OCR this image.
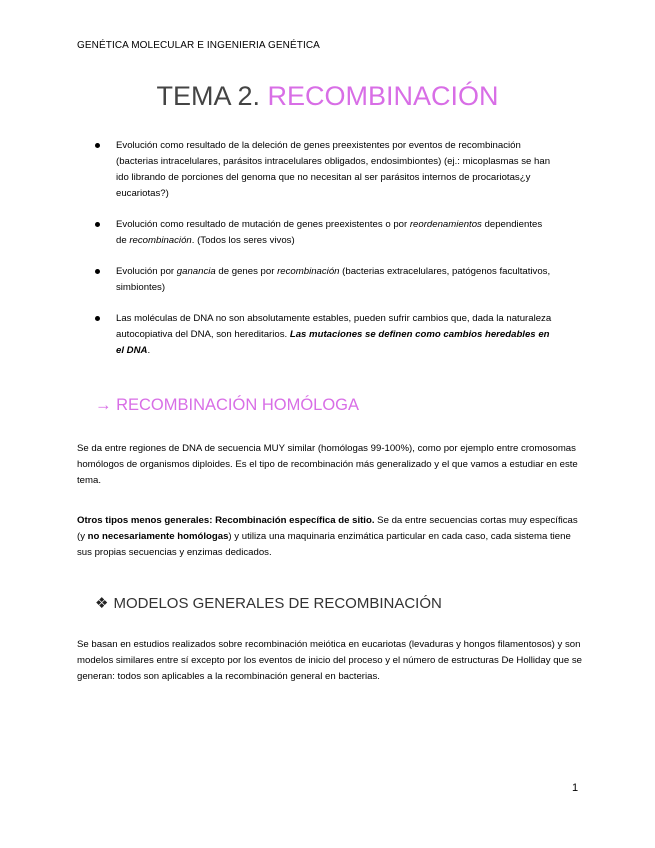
GENÉTICA MOLECULAR E INGENIERIA GENÉTICA
TEMA 2. RECOMBINACIÓN
Evolución como resultado de la deleción de genes preexistentes por eventos de recombinación (bacterias intracelulares, parásitos intracelulares obligados, endosimbiontes) (ej.: micoplasmas se han ido librando de porciones del genoma que no necesitan al ser parásitos internos de procariotas¿y eucariotas?)
Evolución como resultado de mutación de genes preexistentes o por reordenamientos dependientes de recombinación. (Todos los seres vivos)
Evolución por ganancia de genes por recombinación (bacterias extracelulares, patógenos facultativos, simbiontes)
Las moléculas de DNA no son absolutamente estables, pueden sufrir cambios que, dada la naturaleza autocopiativa del DNA, son hereditarios. Las mutaciones se definen como cambios heredables en el DNA.
→ RECOMBINACIÓN HOMÓLOGA

Se da entre regiones de DNA de secuencia MUY similar (homólogas 99-100%), como por ejemplo entre cromosomas homólogos de organismos diploides. Es el tipo de recombinación más generalizado y el que vamos a estudiar en este tema.

Otros tipos menos generales: Recombinación específica de sitio. Se da entre secuencias cortas muy específicas (y no necesariamente homólogas) y utiliza una maquinaria enzimática particular en cada caso, cada sistema tiene sus propias secuencias y enzimas dedicados.

❖ MODELOS GENERALES DE RECOMBINACIÓN

Se basan en estudios realizados sobre recombinación meiótica en eucariotas (levaduras y hongos filamentosos) y son modelos similares entre sí excepto por los eventos de inicio del proceso y el número de estructuras De Holliday que se generan: todos son aplicables a la recombinación general en bacterias.

1
